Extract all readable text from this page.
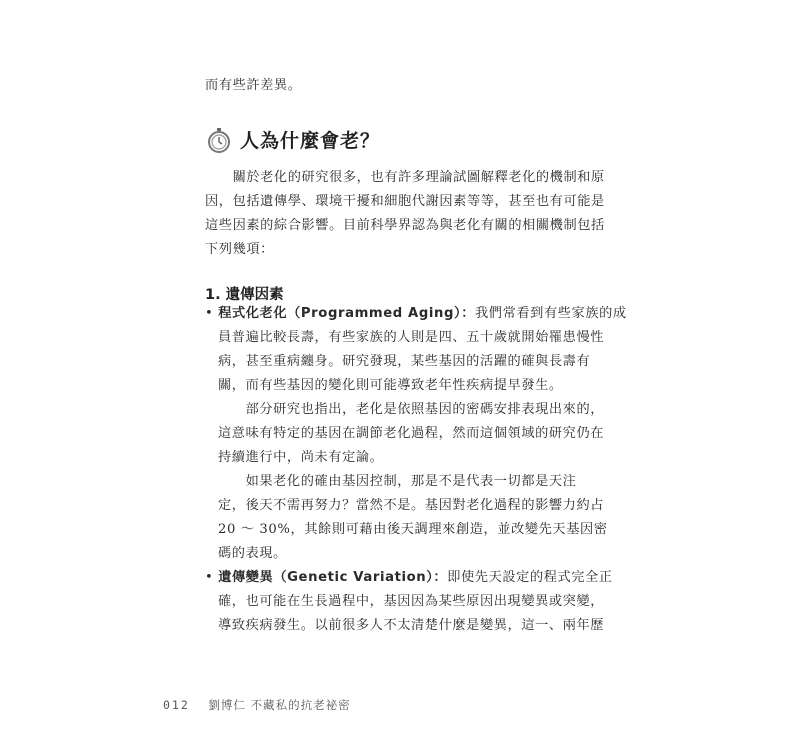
而有些許差異。
人為什麼會老？
　　關於老化的研究很多，也有許多理論試圖解釋老化的機制和原
因，包括遺傳學、環境干擾和細胞代謝因素等等，甚至也有可能是
這些因素的綜合影響。目前科學界認為與老化有關的相關機制包括
下列幾項：
1. 遺傳因素
• 程式化老化（Programmed Aging）：我們常看到有些家族的成
員普遍比較長壽，有些家族的人則是四、五十歲就開始罹患慢性
病，甚至重病纏身。研究發現，某些基因的活躍的確與長壽有
關，而有些基因的變化則可能導致老年性疾病提早發生。
　　部分研究也指出，老化是依照基因的密碼安排表現出來的，
這意味有特定的基因在調節老化過程，然而這個領域的研究仍在
持續進行中，尚未有定論。
　　如果老化的確由基因控制，那是不是代表一切都是天注
定，後天不需再努力？當然不是。基因對老化過程的影響力約占
20 ～ 30%，其餘則可藉由後天調理來創造，並改變先天基因密
碼的表現。
• 遺傳變異（Genetic Variation）：即使先天設定的程式完全正
確，也可能在生長過程中，基因因為某些原因出現變異或突變，
導致疾病發生。以前很多人不太清楚什麼是變異，這一、兩年歷
012 劉博仁 不藏私的抗老祕密
